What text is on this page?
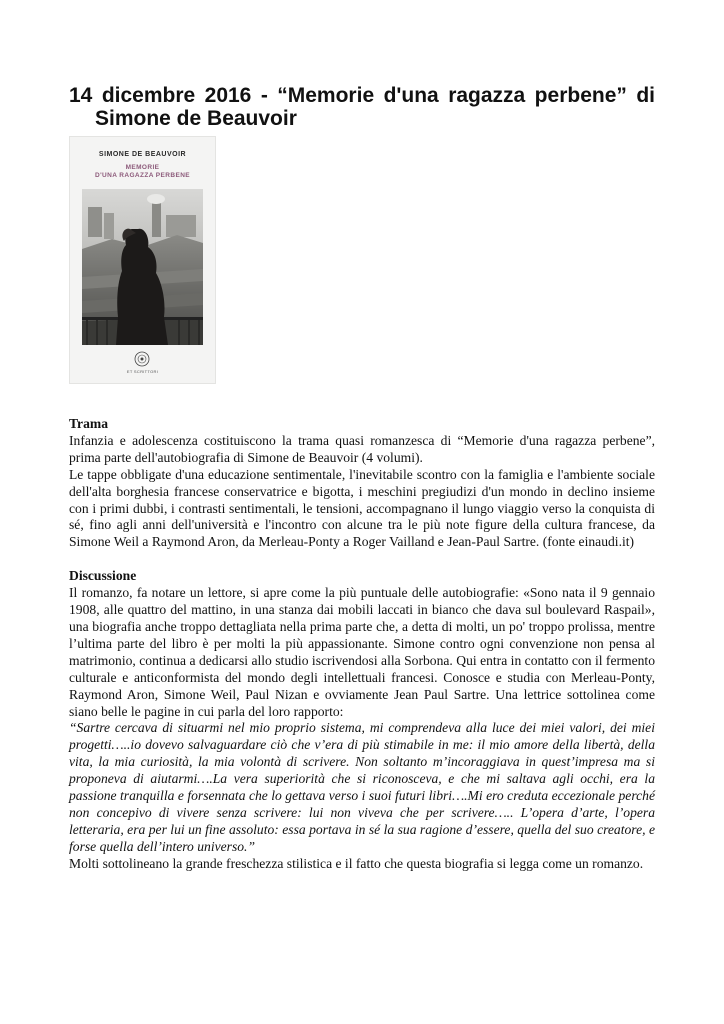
14 dicembre 2016 - “Memorie d'una ragazza perbene” di
Simone de Beauvoir
SIMONE DE BEAUVOIR
MEMORIE
D'UNA RAGAZZA PERBENE
ET SCRITTORI

Trama

Infanzia e adolescenza costituiscono la trama quasi romanzesca di “Memorie d'una ragazza perbene”, prima parte dell'autobiografia di Simone de Beauvoir (4 volumi).

Le tappe obbligate d'una educazione sentimentale, l'inevitabile scontro con la famiglia e l'ambiente sociale dell'alta borghesia francese conservatrice e bigotta, i meschini pregiudizi d'un mondo in declino insieme con i primi dubbi, i contrasti sentimentali, le tensioni, accompagnano il lungo viaggio verso la conquista di sé, fino agli anni dell'università e l'incontro con alcune tra le più note figure della cultura francese, da Simone Weil a Raymond Aron, da Merleau-Ponty a Roger Vailland e Jean-Paul Sartre. (fonte einaudi.it)

Discussione

Il romanzo, fa notare un lettore, si apre come la più puntuale delle autobiografie: «Sono nata il 9 gennaio 1908, alle quattro del mattino, in una stanza dai mobili laccati in bianco che dava sul boulevard Raspail», una biografia anche troppo dettagliata nella prima parte che, a detta di molti, un po' troppo prolissa, mentre l’ultima parte del libro è per molti la più appassionante. Simone contro ogni convenzione non pensa al matrimonio, continua a dedicarsi allo studio iscrivendosi alla Sorbona. Qui entra in contatto con il fermento culturale e anticonformista del mondo degli intellettuali francesi. Conosce e studia con Merleau-Ponty, Raymond Aron, Simone Weil, Paul Nizan e ovviamente Jean Paul Sartre. Una lettrice sottolinea come siano belle le pagine in cui parla del loro rapporto:

“Sartre cercava di situarmi nel mio proprio sistema, mi comprendeva alla luce dei miei valori, dei miei progetti…..io dovevo salvaguardare ciò che v’era di più stimabile in me: il mio amore della libertà, della vita, la mia curiosità, la mia volontà di scrivere. Non soltanto m’incoraggiava in quest’impresa ma si proponeva di aiutarmi….La vera superiorità che si riconosceva, e che mi saltava agli occhi, era la passione tranquilla e forsennata che lo gettava verso i suoi futuri libri….Mi ero creduta eccezionale perché non concepivo di vivere senza scrivere: lui non viveva che per scrivere….. L’opera d’arte, l’opera letteraria, era per lui un fine assoluto: essa portava in sé la sua ragione d’essere, quella del suo creatore, e forse quella dell’intero universo.”

Molti sottolineano la grande freschezza stilistica e il fatto che questa biografia si legga come un romanzo.
